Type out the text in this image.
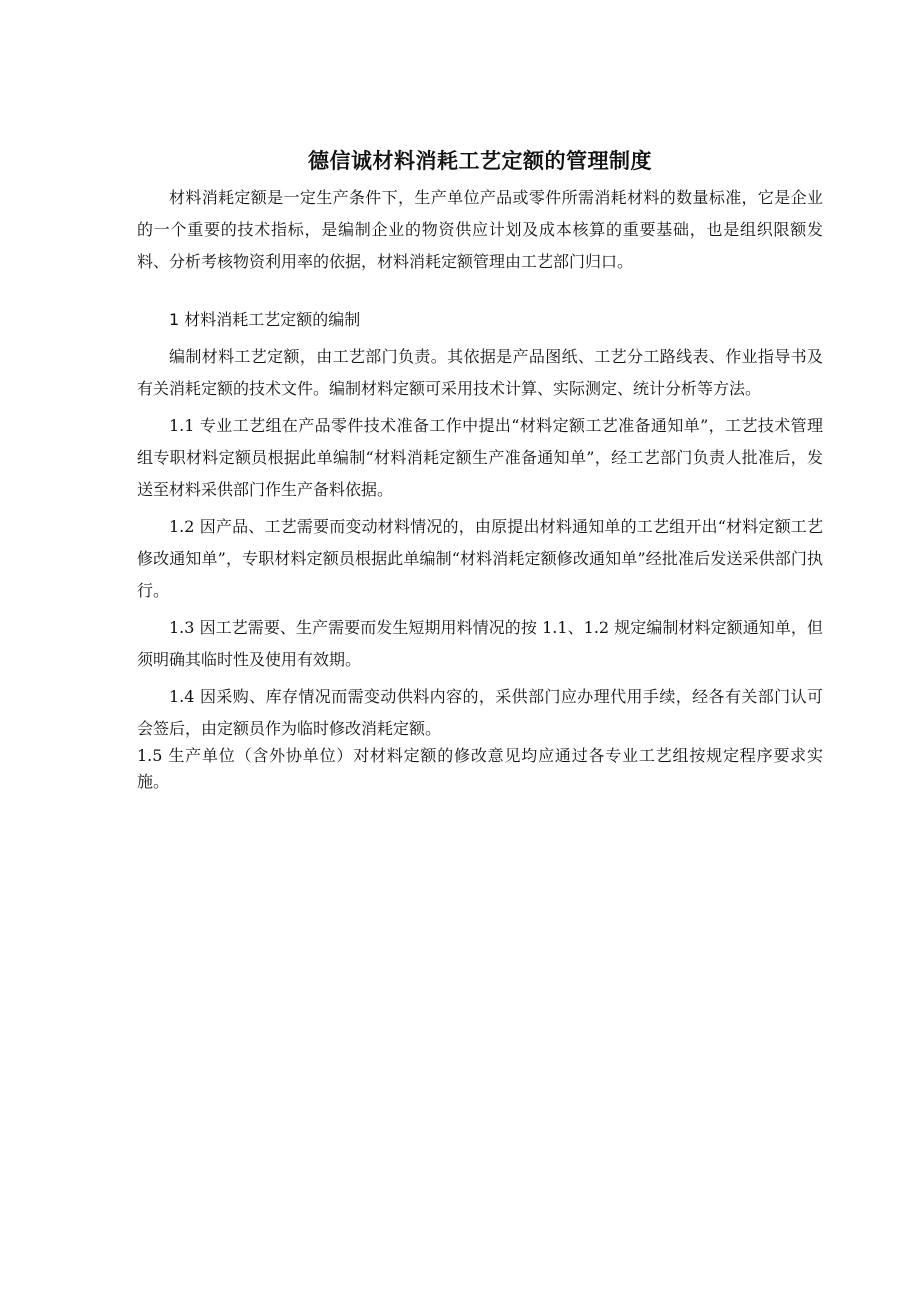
德信诚材料消耗工艺定额的管理制度

材料消耗定额是一定生产条件下，生产单位产品或零件所需消耗材料的数量标准，它是企业的一个重要的技术指标，是编制企业的物资供应计划及成本核算的重要基础，也是组织限额发料、分析考核物资利用率的依据，材料消耗定额管理由工艺部门归口。

1 材料消耗工艺定额的编制

编制材料工艺定额，由工艺部门负责。其依据是产品图纸、工艺分工路线表、作业指导书及有关消耗定额的技术文件。编制材料定额可采用技术计算、实际测定、统计分析等方法。

1.1 专业工艺组在产品零件技术准备工作中提出“材料定额工艺准备通知单”，工艺技术管理组专职材料定额员根据此单编制“材料消耗定额生产准备通知单”，经工艺部门负责人批准后，发送至材料采供部门作生产备料依据。

1.2 因产品、工艺需要而变动材料情况的，由原提出材料通知单的工艺组开出“材料定额工艺修改通知单”，专职材料定额员根据此单编制“材料消耗定额修改通知单”经批准后发送采供部门执行。

1.3 因工艺需要、生产需要而发生短期用料情况的按 1.1、1.2 规定编制材料定额通知单，但须明确其临时性及使用有效期。

1.4 因采购、库存情况而需变动供料内容的，采供部门应办理代用手续，经各有关部门认可会签后，由定额员作为临时修改消耗定额。

1.5 生产单位（含外协单位）对材料定额的修改意见均应通过各专业工艺组按规定程序要求实施。
